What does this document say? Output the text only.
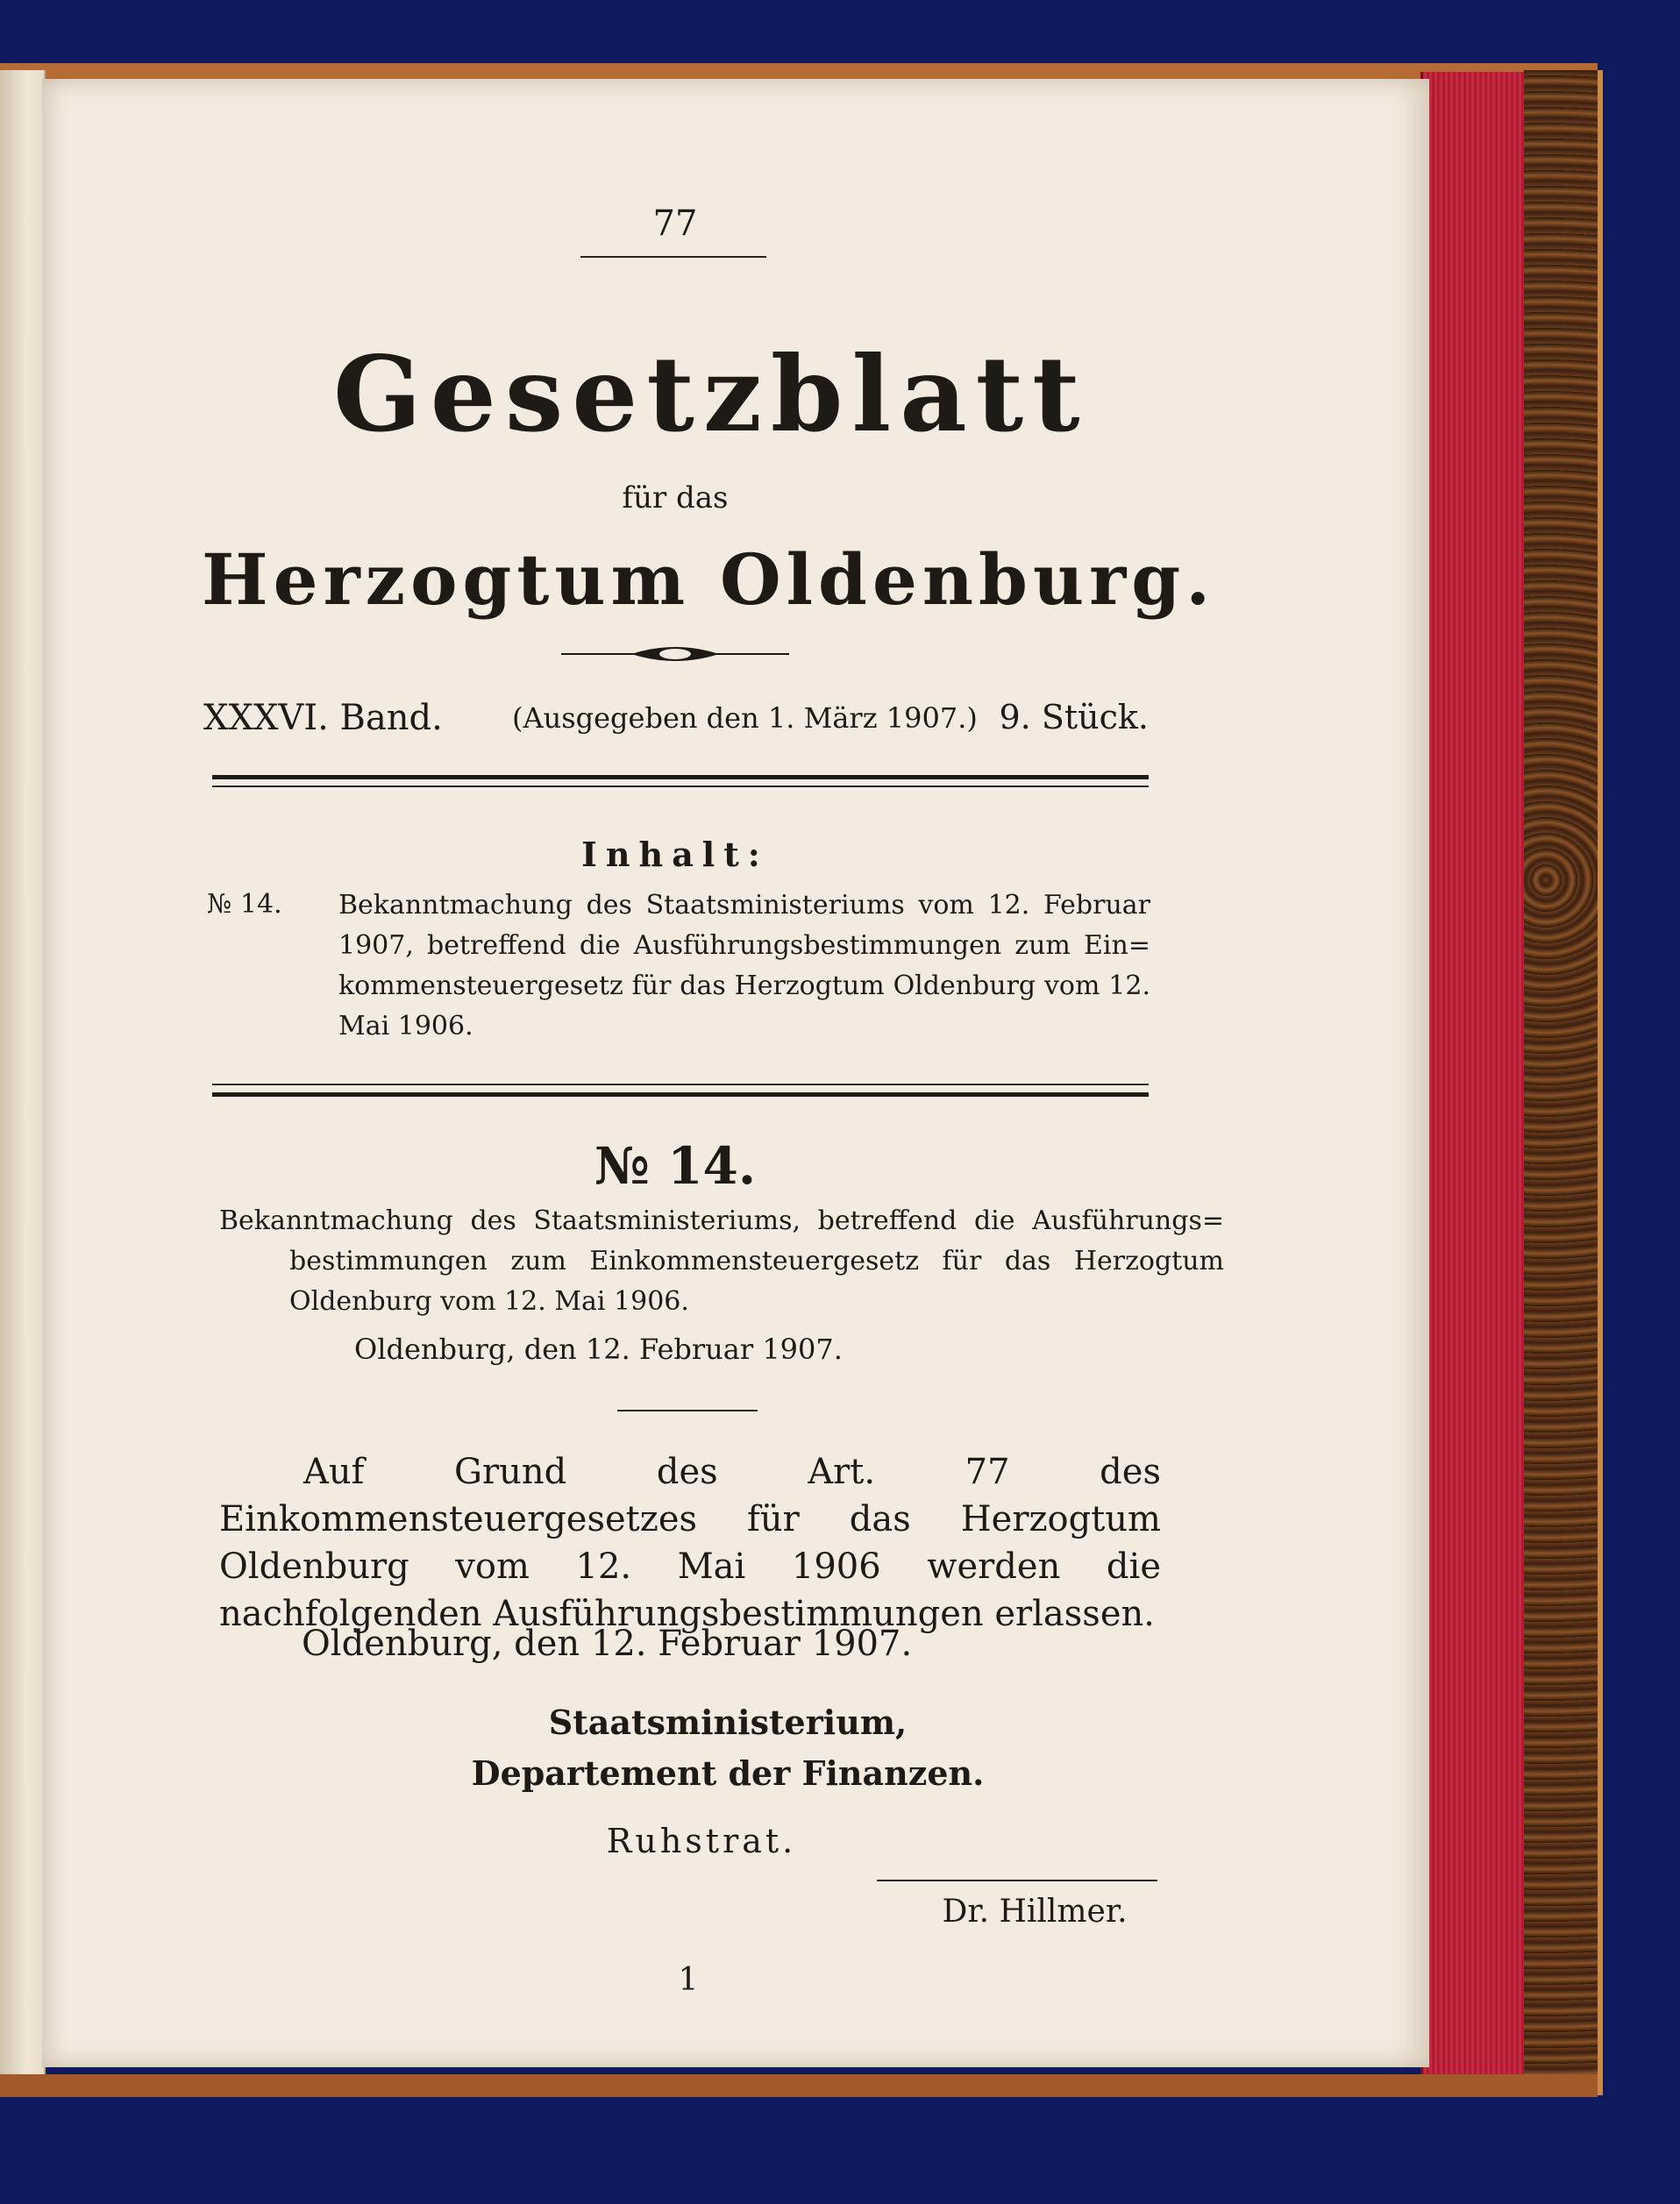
77

Gesetzblatt

für das

Herzogtum Oldenburg.
XXXVI. Band. (Ausgegeben den 1. März 1907.) 9. Stück.

Inhalt:

№ 14. Bekanntmachung des Staatsministeriums vom 12. Februar 1907, betreffend die Ausführungsbestimmungen zum Ein= kommensteuergesetz für das Herzogtum Oldenburg vom 12. Mai 1906.

№ 14.

Bekanntmachung des Staatsministeriums, betreffend die Ausführungs= bestimmungen zum Einkommensteuergesetz für das Herzogtum Oldenburg vom 12. Mai 1906.

Oldenburg, den 12. Februar 1907.

Auf Grund des Art. 77 des Einkommensteuergesetzes für das Herzogtum Oldenburg vom 12. Mai 1906 werden die nachfolgenden Ausführungsbestimmungen erlassen.

Oldenburg, den 12. Februar 1907.

Staatsministerium,

Departement der Finanzen.

Ruhstrat.

Dr. Hillmer.

1
